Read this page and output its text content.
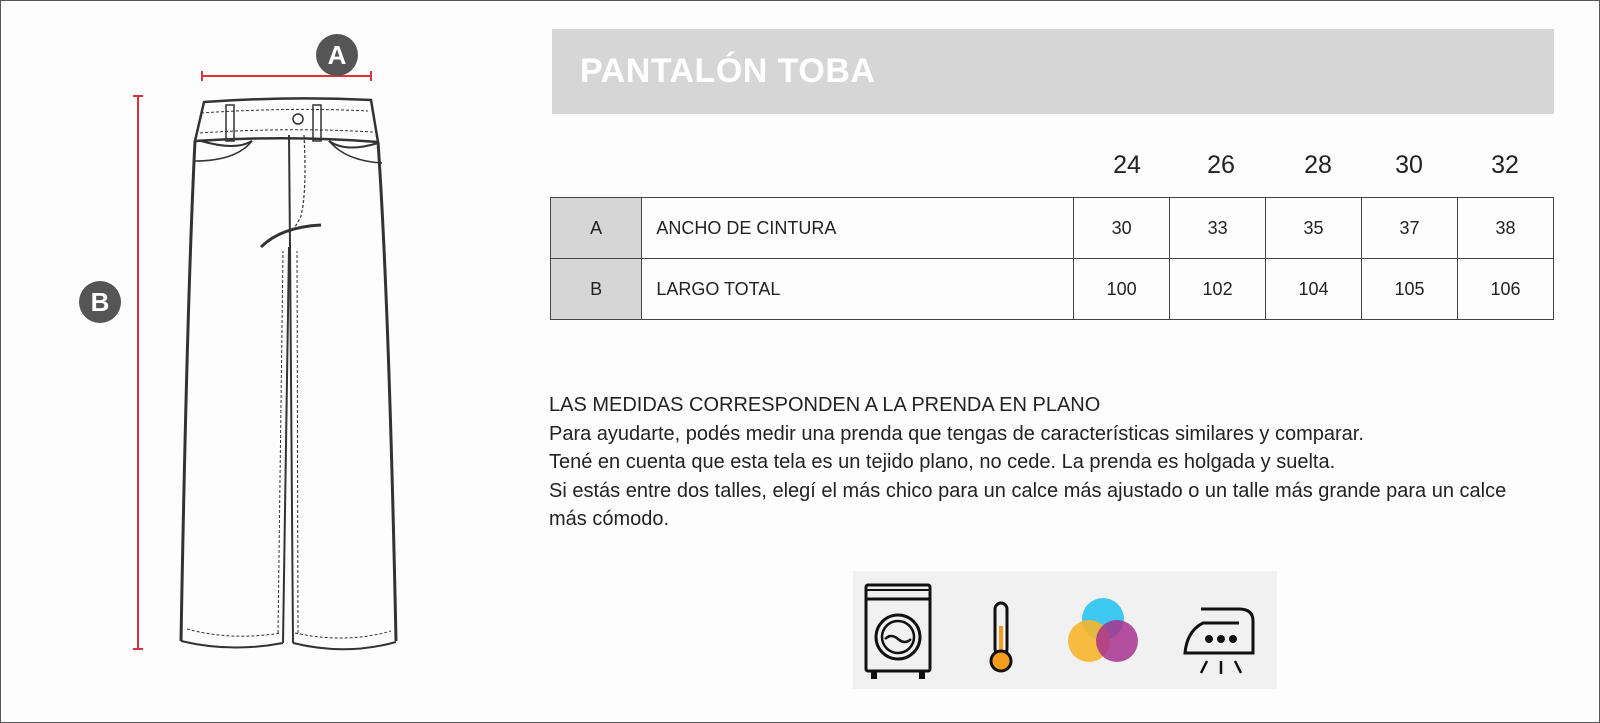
A
B
PANTALÓN TOBA
24	26	28	30	32
A	ANCHO DE CINTURA	30	33	35	37	38
B	LARGO TOTAL	100	102	104	105	106

LAS MEDIDAS CORRESPONDEN A LA PRENDA EN PLANO

Para ayudarte, podés medir una prenda que tengas de características similares y comparar.

Tené en cuenta que esta tela es un tejido plano, no cede. La prenda es holgada y suelta.

Si estás entre dos talles, elegí el más chico para un calce más ajustado o un talle más grande para un calce más cómodo.
